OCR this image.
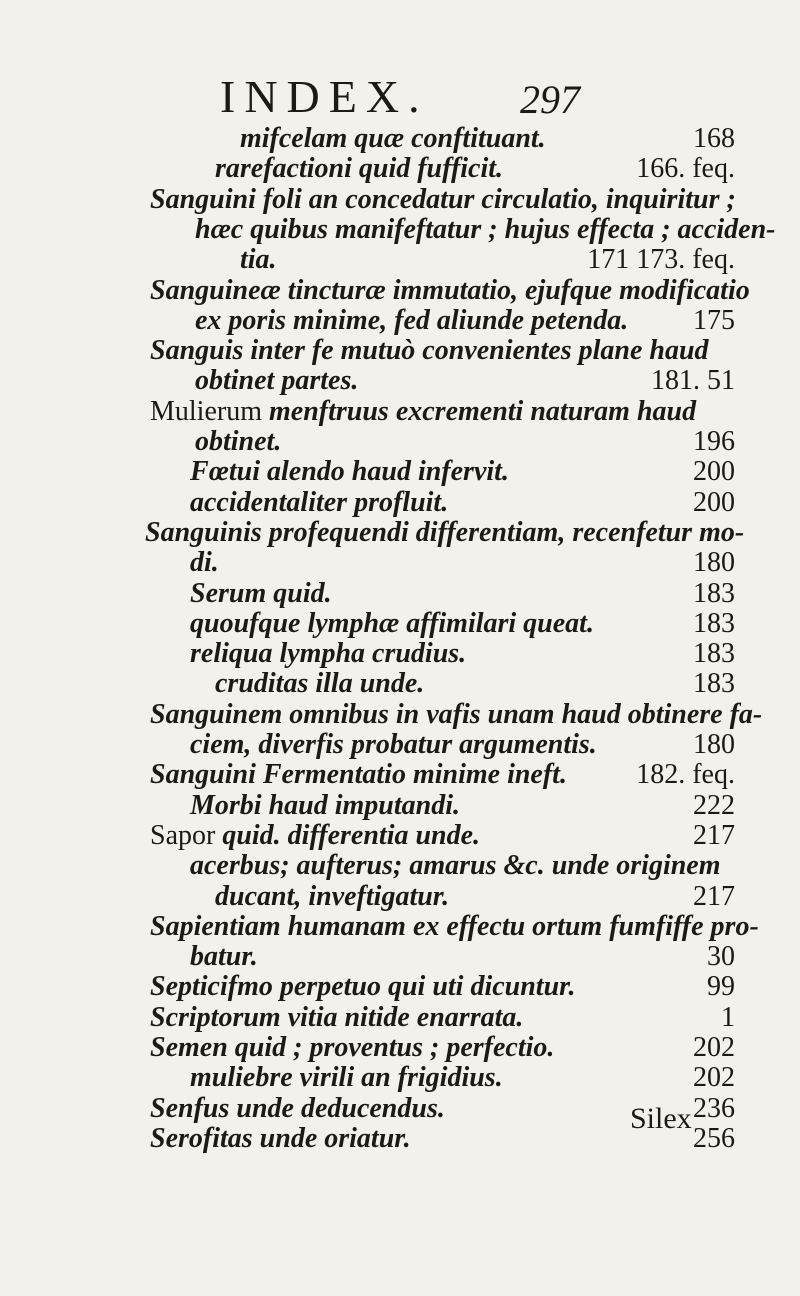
INDEX. 297
mifcelam quæ conftituant.	168
rarefactioni quid fufficit.	166. feq.
Sanguini foli an concedatur circulatio, inquiritur ;
hæc quibus manifeftatur ; hujus effecta ; acciden-
tia.	171 173. feq.
Sanguineæ tincturæ immutatio, ejufque modificatio
ex poris minime, fed aliunde petenda. 175
Sanguis inter fe mutuò convenientes plane haud
obtinet partes.	181. 51
Mulierum menftruus excrementi naturam haud
obtinet.	196
Fœtui alendo haud infervit.	200
accidentaliter profluit.	200
Sanguinis profequendi differentiam, recenfetur mo-
di.	180
Serum quid.	183
quoufque lymphæ affimilari queat.	183
reliqua lympha crudius.	183
cruditas illa unde.	183
Sanguinem omnibus in vafis unam haud obtinere fa-
ciem, diverfis probatur argumentis.	180
Sanguini Fermentatio minime ineft. 182. feq.
Morbi haud imputandi.	222
Sapor quid. differentia unde.	217
acerbus; aufterus; amarus &c. unde originem
ducant, inveftigatur.	217
Sapientiam humanam ex effectu ortum fumfiffe pro-
batur.	30
Septicifmo perpetuo qui uti dicuntur.	99
Scriptorum vitia nitide enarrata.	1
Semen quid ; proventus ; perfectio.	202
muliebre virili an frigidius.	202
Senfus unde deducendus.	236
Serofitas unde oriatur.	256
Silex
